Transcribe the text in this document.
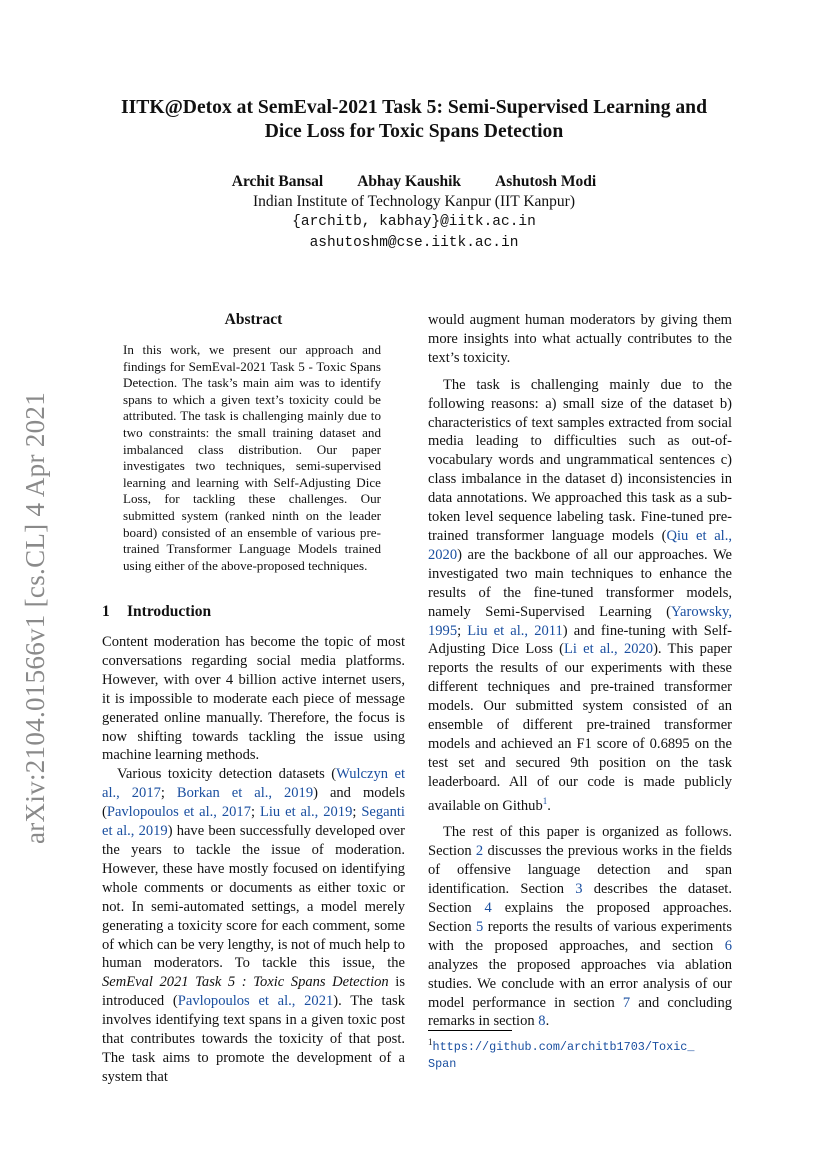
arXiv:2104.01566v1 [cs.CL] 4 Apr 2021
IITK@Detox at SemEval-2021 Task 5: Semi-Supervised Learning and
Dice Loss for Toxic Spans Detection
Archit Bansal Abhay Kaushik Ashutosh Modi
Indian Institute of Technology Kanpur (IIT Kanpur)
{architb, kabhay}@iitk.ac.in
ashutoshm@cse.iitk.ac.in
Abstract
In this work, we present our approach and findings for SemEval-2021 Task 5 - Toxic Spans Detection. The task’s main aim was to identify spans to which a given text’s toxicity could be attributed. The task is challenging mainly due to two constraints: the small training dataset and imbalanced class distribution. Our paper investigates two techniques, semi-supervised learning and learning with Self-Adjusting Dice Loss, for tackling these challenges. Our submitted system (ranked ninth on the leader board) consisted of an ensemble of various pre-trained Transformer Language Models trained using either of the above-proposed techniques.
1 Introduction

Content moderation has become the topic of most conversations regarding social media platforms. However, with over 4 billion active internet users, it is impossible to moderate each piece of message generated online manually. Therefore, the focus is now shifting towards tackling the issue using machine learning methods.

Various toxicity detection datasets (Wulczyn et al., 2017; Borkan et al., 2019) and models (Pavlopoulos et al., 2017; Liu et al., 2019; Seganti et al., 2019) have been successfully developed over the years to tackle the issue of moderation. However, these have mostly focused on identifying whole comments or documents as either toxic or not. In semi-automated settings, a model merely generating a toxicity score for each comment, some of which can be very lengthy, is not of much help to human moderators. To tackle this issue, the SemEval 2021 Task 5 : Toxic Spans Detection is introduced (Pavlopoulos et al., 2021). The task involves identifying text spans in a given toxic post that contributes towards the toxicity of that post. The task aims to promote the development of a system that

would augment human moderators by giving them more insights into what actually contributes to the text’s toxicity.

The task is challenging mainly due to the following reasons: a) small size of the dataset b) characteristics of text samples extracted from social media leading to difficulties such as out-of-vocabulary words and ungrammatical sentences c) class imbalance in the dataset d) inconsistencies in data annotations. We approached this task as a sub-token level sequence labeling task. Fine-tuned pre-trained transformer language models (Qiu et al., 2020) are the backbone of all our approaches. We investigated two main techniques to enhance the results of the fine-tuned transformer models, namely Semi-Supervised Learning (Yarowsky, 1995; Liu et al., 2011) and fine-tuning with Self-Adjusting Dice Loss (Li et al., 2020). This paper reports the results of our experiments with these different techniques and pre-trained transformer models. Our submitted system consisted of an ensemble of different pre-trained transformer models and achieved an F1 score of 0.6895 on the test set and secured 9th position on the task leaderboard. All of our code is made publicly available on Github$^1$.

The rest of this paper is organized as follows. Section 2 discusses the previous works in the fields of offensive language detection and span identification. Section 3 describes the dataset. Section 4 explains the proposed approaches. Section 5 reports the results of various experiments with the proposed approaches, and section 6 analyzes the proposed approaches via ablation studies. We conclude with an error analysis of our model performance in section 7 and concluding remarks in section 8.

$^1$https://github.com/architb1703/Toxic_
Span
